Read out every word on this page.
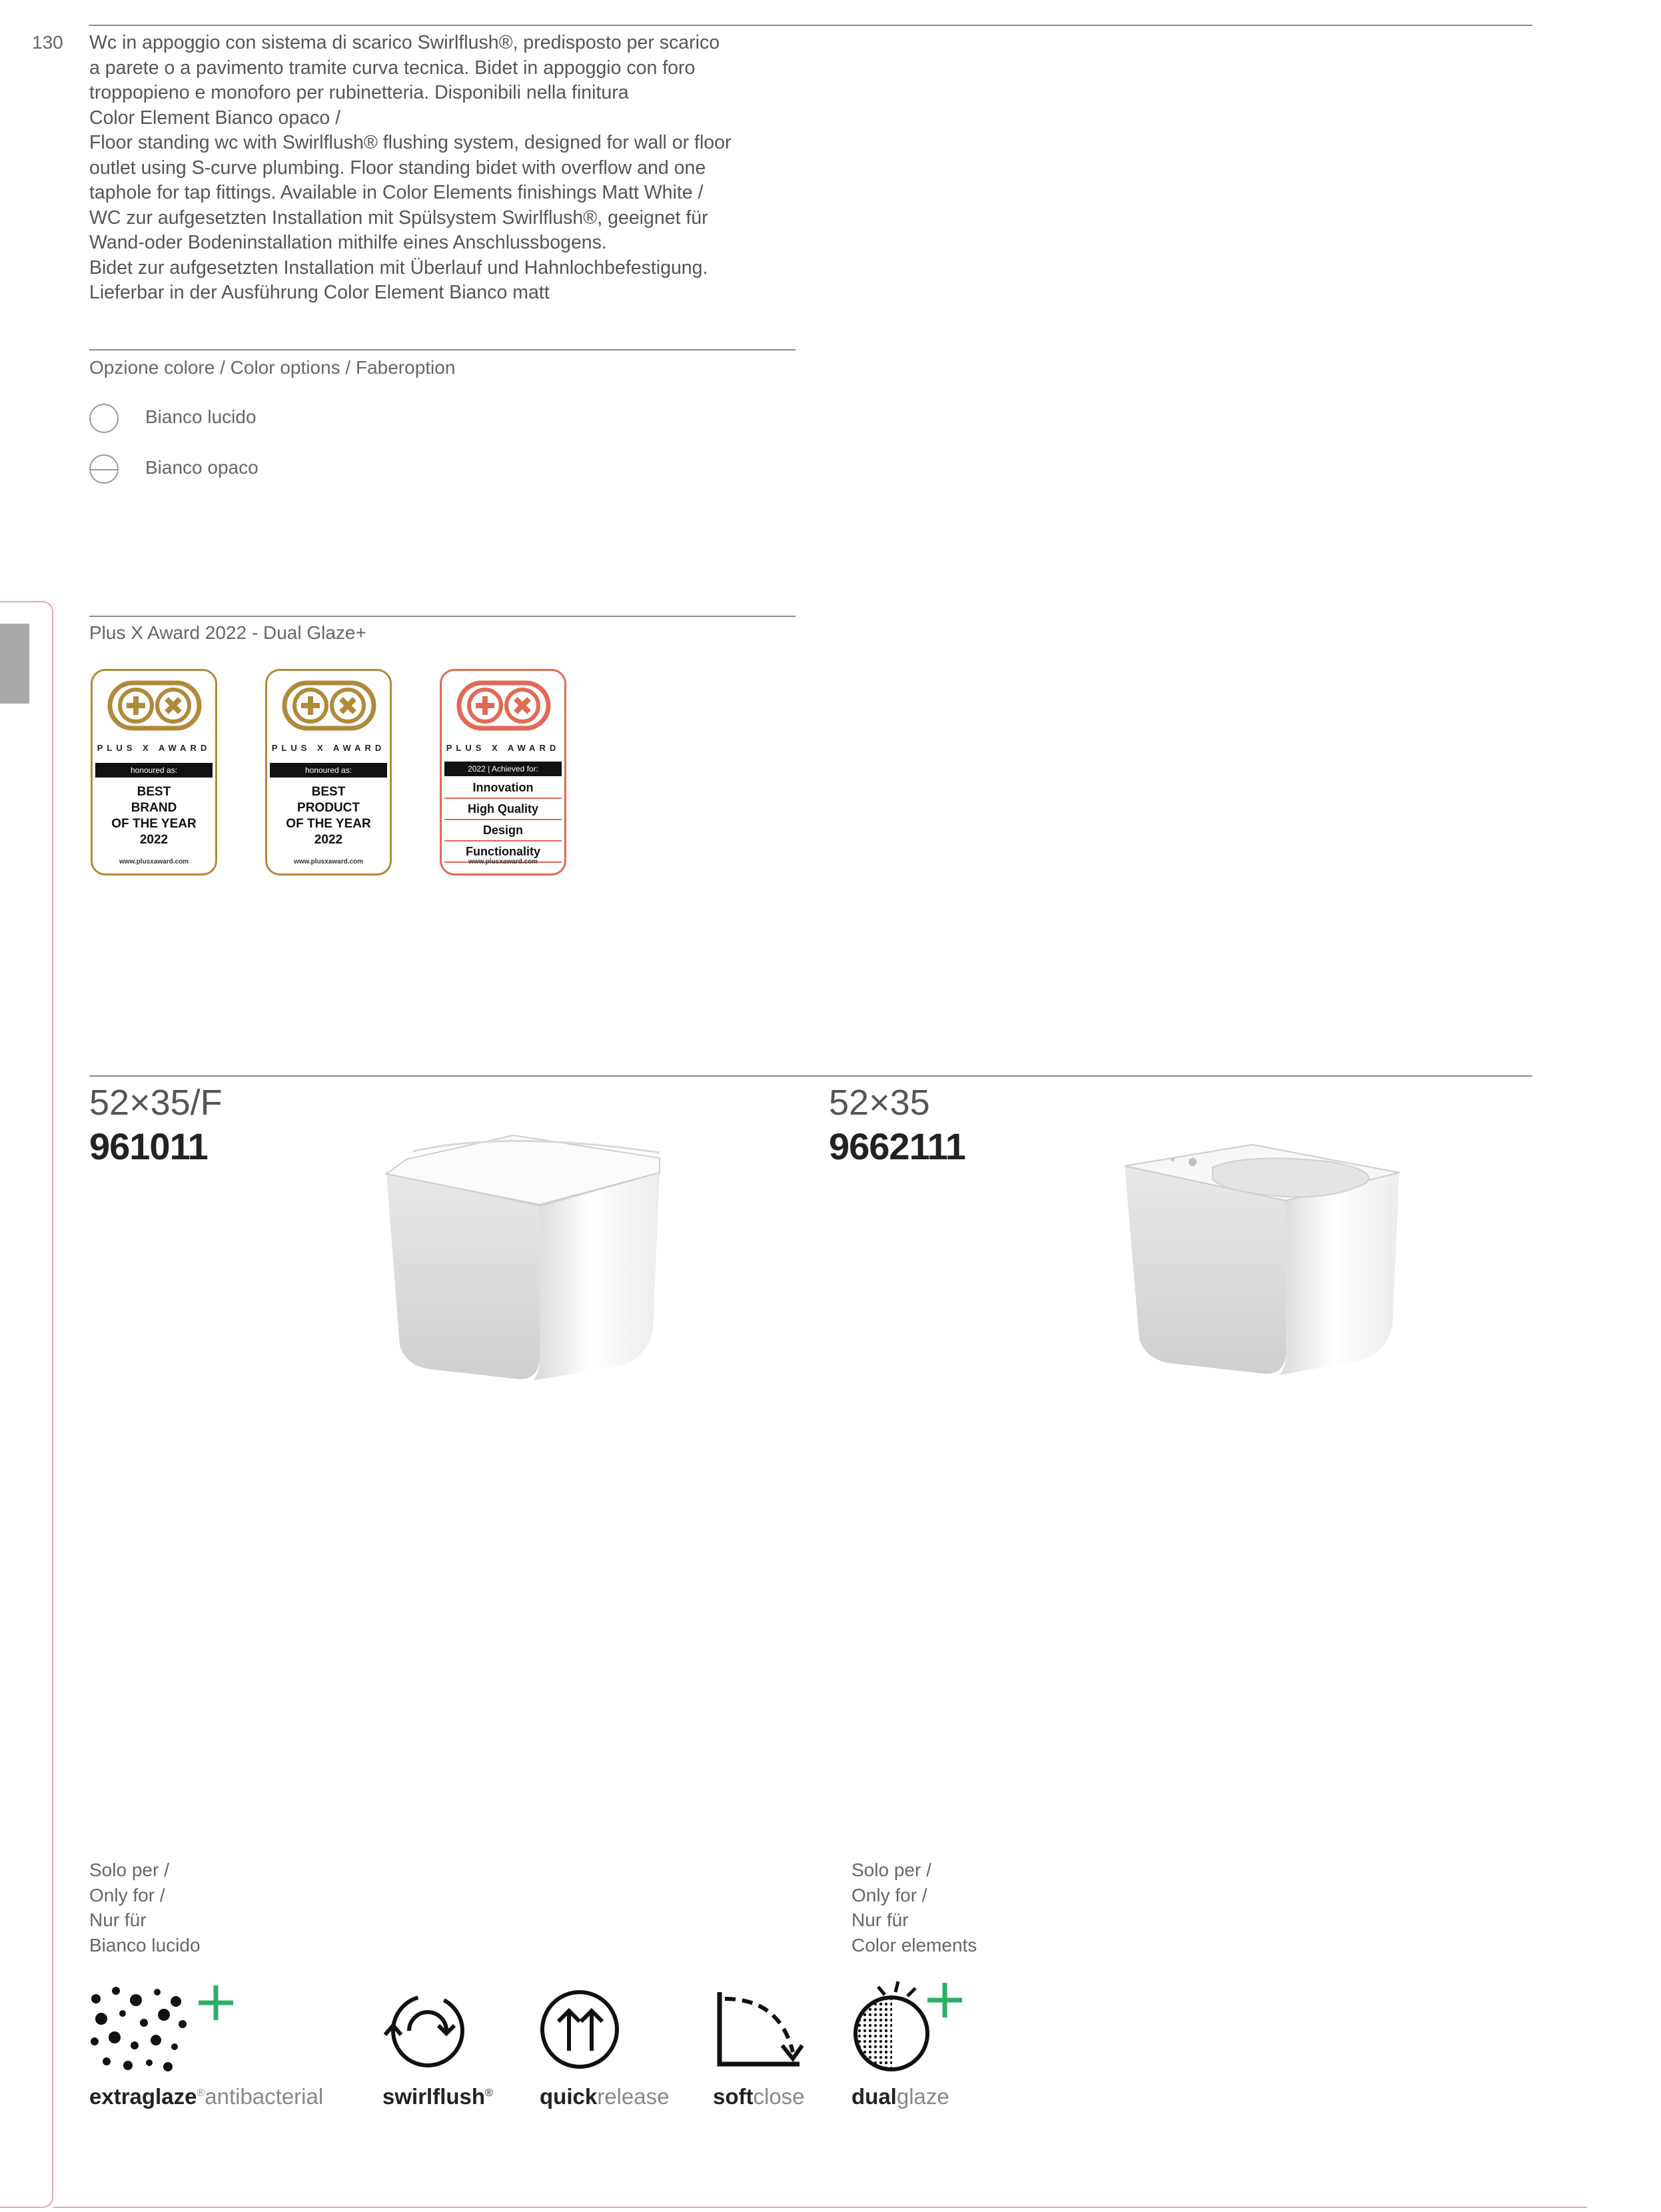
130 Wc in appoggio con sistema di scarico Swirlflush®, predisposto per scarico
a parete o a pavimento tramite curva tecnica. Bidet in appoggio con foro
troppopieno e monoforo per rubinetteria. Disponibili nella finitura
Color Element Bianco opaco /
Floor standing wc with Swirlflush® flushing system, designed for wall or floor
outlet using S-curve plumbing. Floor standing bidet with overflow and one
taphole for tap fittings. Available in Color Elements finishings Matt White /
WC zur aufgesetzten Installation mit Spülsystem Swirlflush®, geeignet für
Wand-oder Bodeninstallation mithilfe eines Anschlussbogens.
Bidet zur aufgesetzten Installation mit Überlauf und Hahnlochbefestigung.
Lieferbar in der Ausführung Color Element Bianco matt
Opzione colore / Color options / Faberoption
Bianco lucido
Bianco opaco
Plus X Award 2022 - Dual Glaze+
PLUS X AWARD
honoured as:
BEST
BRAND
OF THE YEAR
2022
www.plusxaward.com
PLUS X AWARD
honoured as:
BEST
PRODUCT
OF THE YEAR
2022
www.plusxaward.com
PLUS X AWARD
2022 | Achieved for:
Innovation
High Quality
Design
Functionality
www.plusxaward.com
52×35/F
961011
Solo per /
Only for /
Nur für
Bianco lucido
52×35
9662111
Solo per /
Only for /
Nur für
Color elements
extraglaze®antibacterial	swirlflush® quickrelease softclose dualglaze
